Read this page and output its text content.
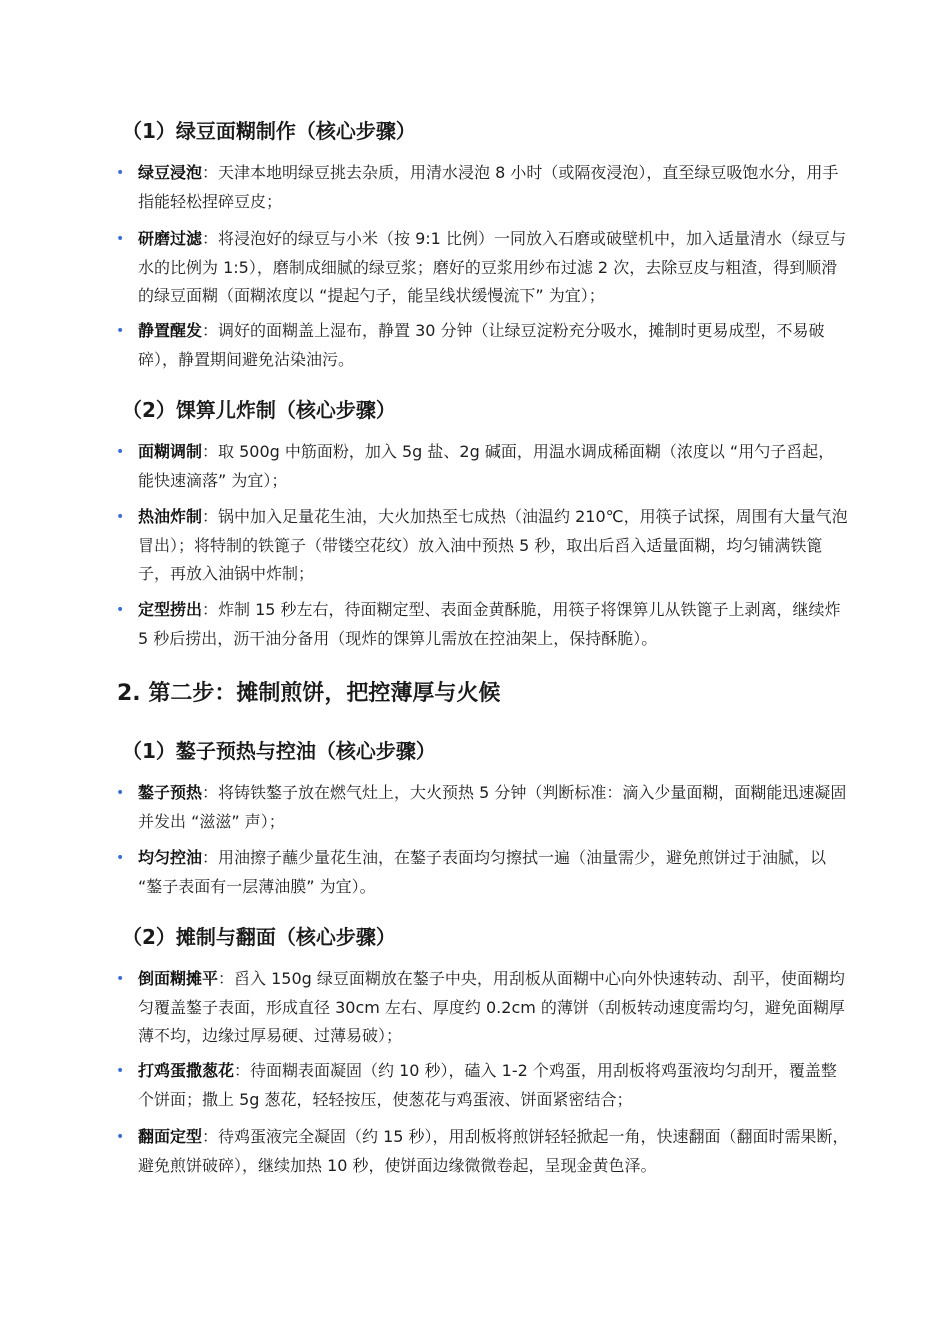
（1）绿豆面糊制作（核心步骤）

• 绿豆浸泡：天津本地明绿豆挑去杂质，用清水浸泡 8 小时（或隔夜浸泡），直至绿豆吸饱水分，用手指能轻松捏碎豆皮；

• 研磨过滤：将浸泡好的绿豆与小米（按 9:1 比例）一同放入石磨或破壁机中，加入适量清水（绿豆与水的比例为 1:5），磨制成细腻的绿豆浆；磨好的豆浆用纱布过滤 2 次，去除豆皮与粗渣，得到顺滑的绿豆面糊（面糊浓度以 “提起勺子，能呈线状缓慢流下” 为宜）；

• 静置醒发：调好的面糊盖上湿布，静置 30 分钟（让绿豆淀粉充分吸水，摊制时更易成型，不易破碎），静置期间避免沾染油污。

（2）馃箅儿炸制（核心步骤）

• 面糊调制：取 500g 中筋面粉，加入 5g 盐、2g 碱面，用温水调成稀面糊（浓度以 “用勺子舀起，能快速滴落” 为宜）；

• 热油炸制：锅中加入足量花生油，大火加热至七成热（油温约 210℃，用筷子试探，周围有大量气泡冒出）；将特制的铁篦子（带镂空花纹）放入油中预热 5 秒，取出后舀入适量面糊，均匀铺满铁篦子，再放入油锅中炸制；

• 定型捞出：炸制 15 秒左右，待面糊定型、表面金黄酥脆，用筷子将馃箅儿从铁篦子上剥离，继续炸 5 秒后捞出，沥干油分备用（现炸的馃箅儿需放在控油架上，保持酥脆）。

2. 第二步：摊制煎饼，把控薄厚与火候
（1）鏊子预热与控油（核心步骤）

• 鏊子预热：将铸铁鏊子放在燃气灶上，大火预热 5 分钟（判断标准：滴入少量面糊，面糊能迅速凝固并发出 “滋滋” 声）；

• 均匀控油：用油擦子蘸少量花生油，在鏊子表面均匀擦拭一遍（油量需少，避免煎饼过于油腻，以 “鏊子表面有一层薄油膜” 为宜）。

（2）摊制与翻面（核心步骤）

• 倒面糊摊平：舀入 150g 绿豆面糊放在鏊子中央，用刮板从面糊中心向外快速转动、刮平，使面糊均匀覆盖鏊子表面，形成直径 30cm 左右、厚度约 0.2cm 的薄饼（刮板转动速度需均匀，避免面糊厚薄不均，边缘过厚易硬、过薄易破）；

• 打鸡蛋撒葱花：待面糊表面凝固（约 10 秒），磕入 1-2 个鸡蛋，用刮板将鸡蛋液均匀刮开，覆盖整个饼面；撒上 5g 葱花，轻轻按压，使葱花与鸡蛋液、饼面紧密结合；

• 翻面定型：待鸡蛋液完全凝固（约 15 秒），用刮板将煎饼轻轻掀起一角，快速翻面（翻面时需果断，避免煎饼破碎），继续加热 10 秒，使饼面边缘微微卷起，呈现金黄色泽。
